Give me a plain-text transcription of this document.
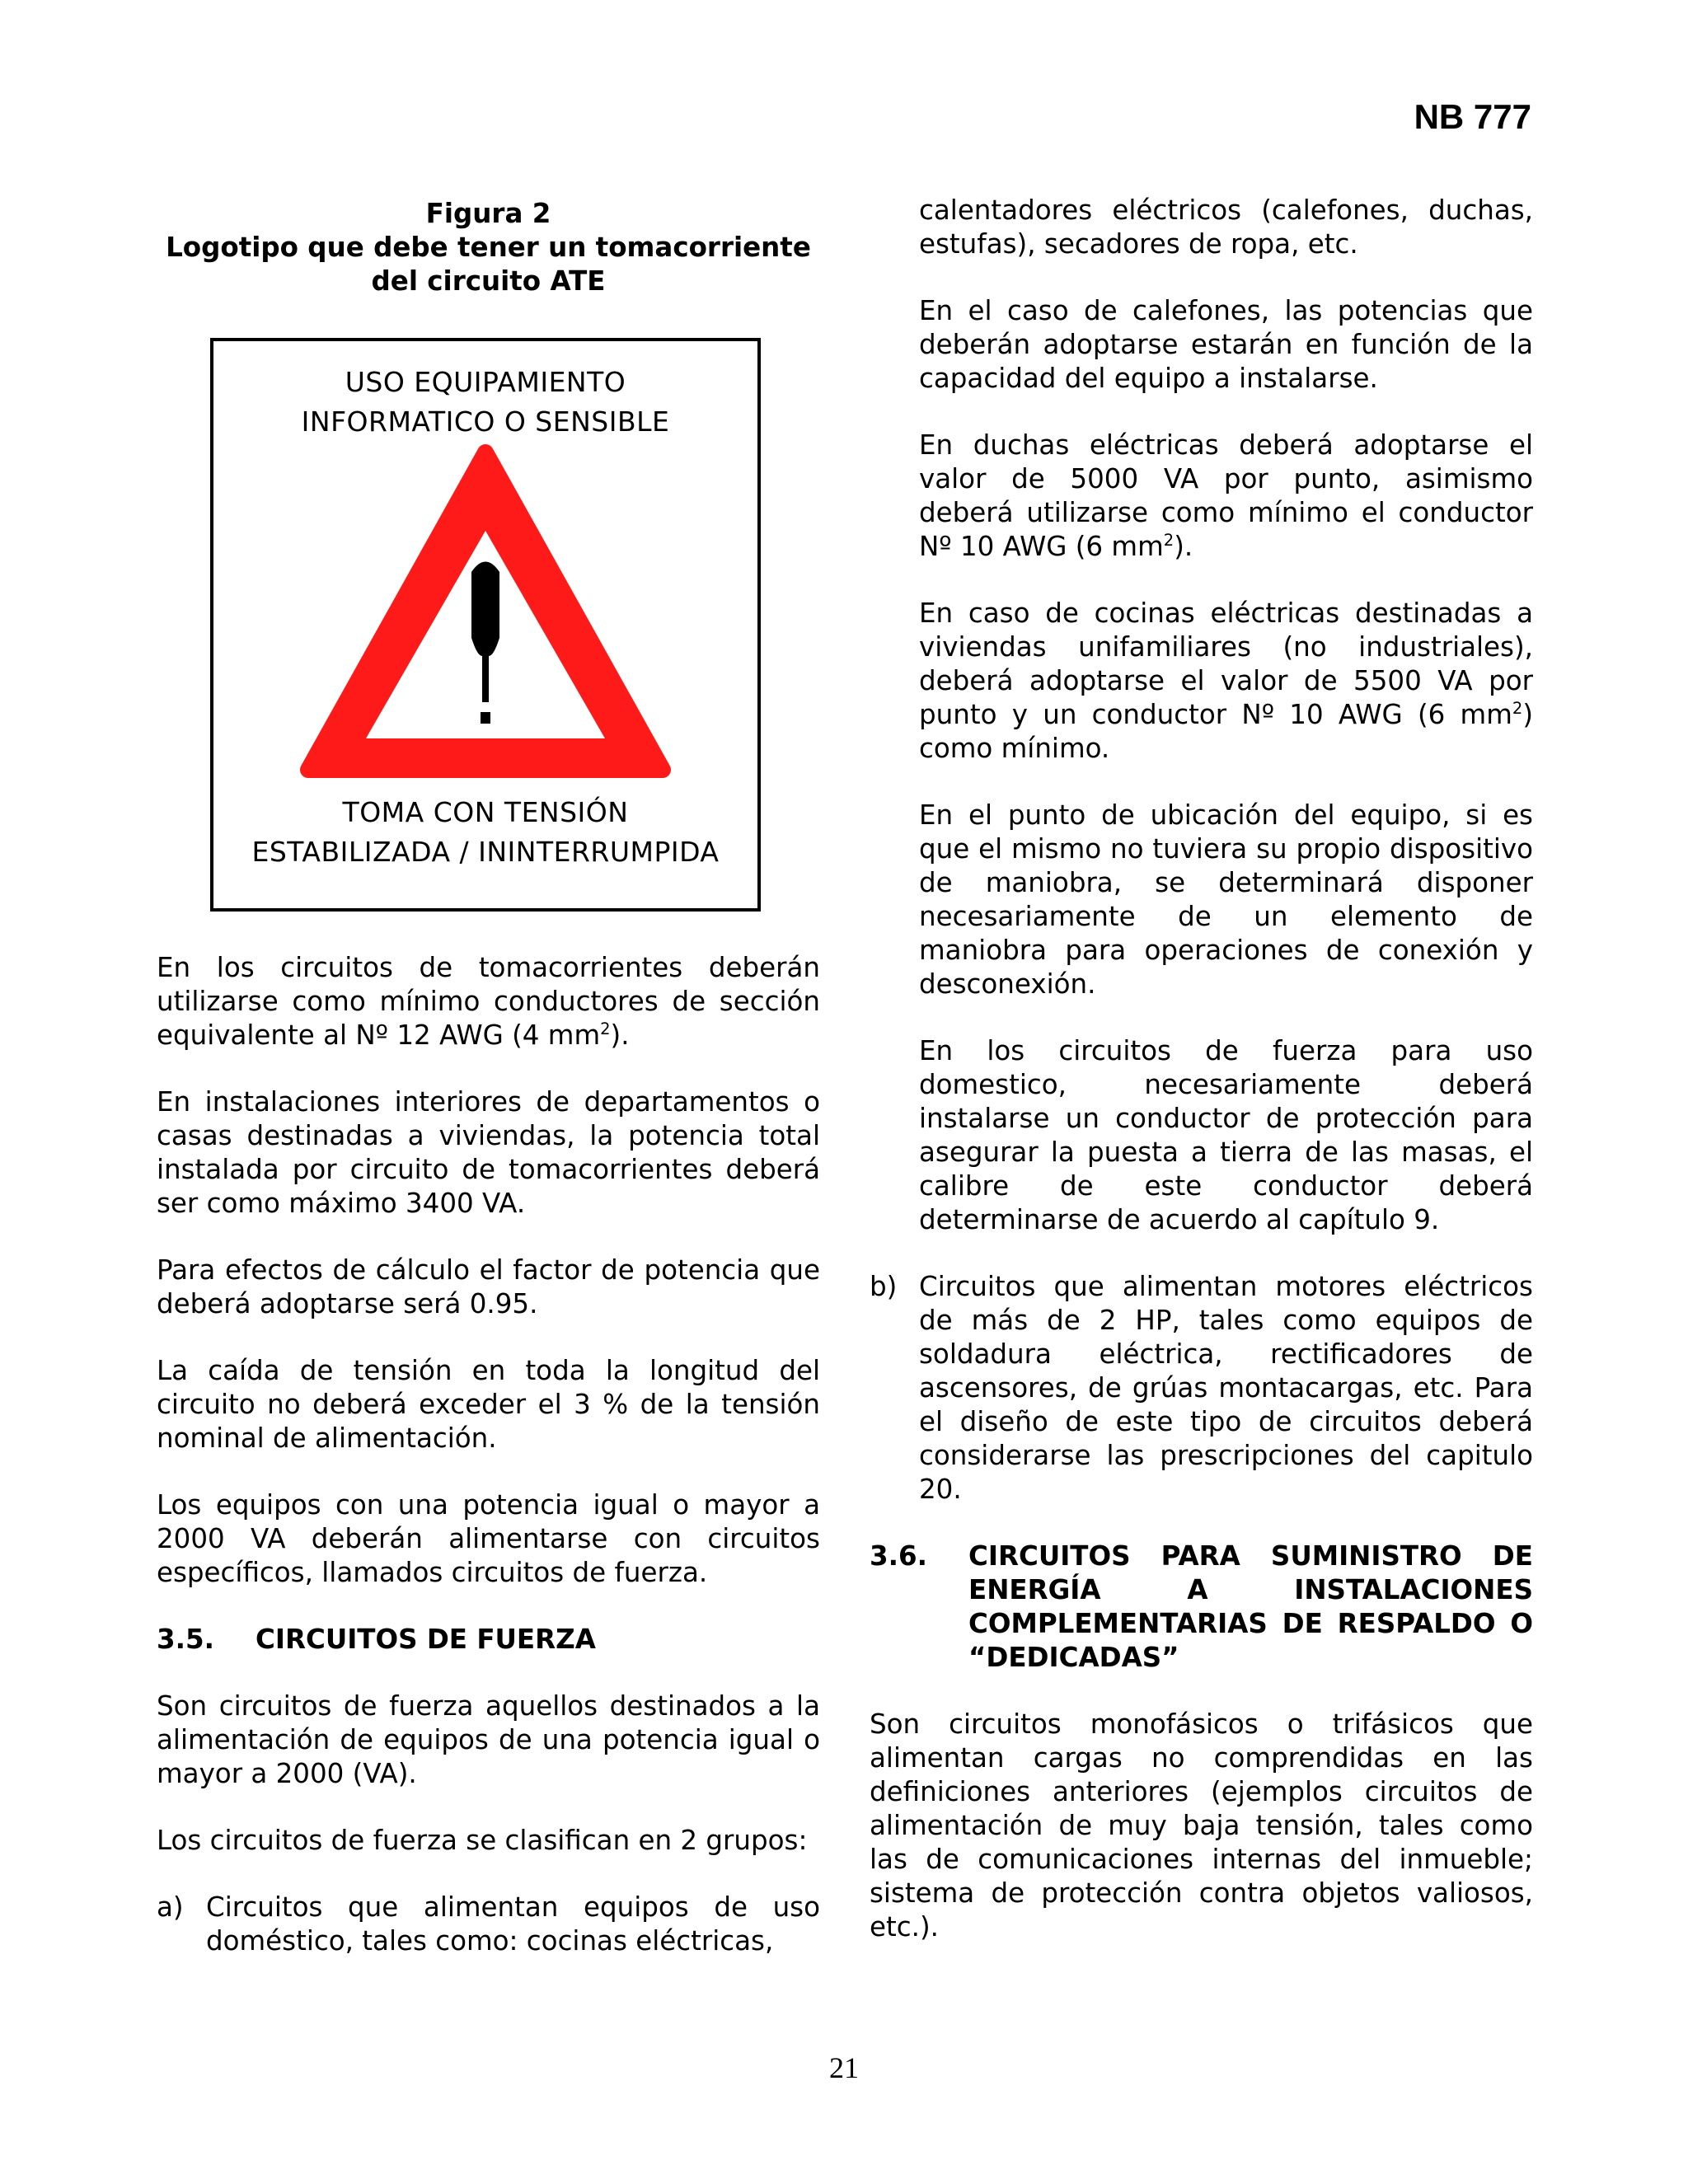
NB 777
Figura 2
Logotipo que debe tener un tomacorriente
del circuito ATE
USO EQUIPAMIENTO
INFORMATICO O SENSIBLE
TOMA CON TENSIÓN
ESTABILIZADA / ININTERRUMPIDA

En los circuitos de tomacorrientes deberán utilizarse como mínimo conductores de sección equivalente al Nº 12 AWG (4 $mm^2$).

En instalaciones interiores de departamentos o casas destinadas a viviendas, la potencia total instalada por circuito de tomacorrientes deberá ser como máximo 3400 VA.

Para efectos de cálculo el factor de potencia que deberá adoptarse será 0.95.

La caída de tensión en toda la longitud del circuito no deberá exceder el 3 % de la tensión nominal de alimentación.

Los equipos con una potencia igual o mayor a 2000 VA deberán alimentarse con circuitos específicos, llamados circuitos de fuerza.

3.5.	CIRCUITOS DE FUERZA

Son circuitos de fuerza aquellos destinados a la alimentación de equipos de una potencia igual o mayor a 2000 (VA).

Los circuitos de fuerza se clasifican en 2 grupos:

a) Circuitos que alimentan equipos de uso doméstico, tales como: cocinas eléctricas,

calentadores eléctricos (calefones, duchas, estufas), secadores de ropa, etc.

En el caso de calefones, las potencias que deberán adoptarse estarán en función de la capacidad del equipo a instalarse.

En duchas eléctricas deberá adoptarse el valor de 5000 VA por punto, asimismo deberá utilizarse como mínimo el conductor Nº 10 AWG (6 $mm^2$).

En caso de cocinas eléctricas destinadas a viviendas unifamiliares (no industriales), deberá adoptarse el valor de 5500 VA por punto y un conductor Nº 10 AWG (6 $mm^2$) como mínimo.

En el punto de ubicación del equipo, si es que el mismo no tuviera su propio dispositivo de maniobra, se determinará disponer necesariamente de un elemento de maniobra para operaciones de conexión y desconexión.

En los circuitos de fuerza para uso domestico, necesariamente deberá instalarse un conductor de protección para asegurar la puesta a tierra de las masas, el calibre de este conductor deberá determinarse de acuerdo al capítulo 9.

b) Circuitos que alimentan motores eléctricos de más de 2 HP, tales como equipos de soldadura eléctrica, rectificadores de ascensores, de grúas montacargas, etc. Para el diseño de este tipo de circuitos deberá considerarse las prescripciones del capitulo 20.
3.6.	CIRCUITOS PARA SUMINISTRO DE ENERGÍA A INSTALACIONES COMPLEMENTARIAS DE RESPALDO O “DEDICADAS”

Son circuitos monofásicos o trifásicos que alimentan cargas no comprendidas en las definiciones anteriores (ejemplos circuitos de alimentación de muy baja tensión, tales como las de comunicaciones internas del inmueble; sistema de protección contra objetos valiosos, etc.).

21
